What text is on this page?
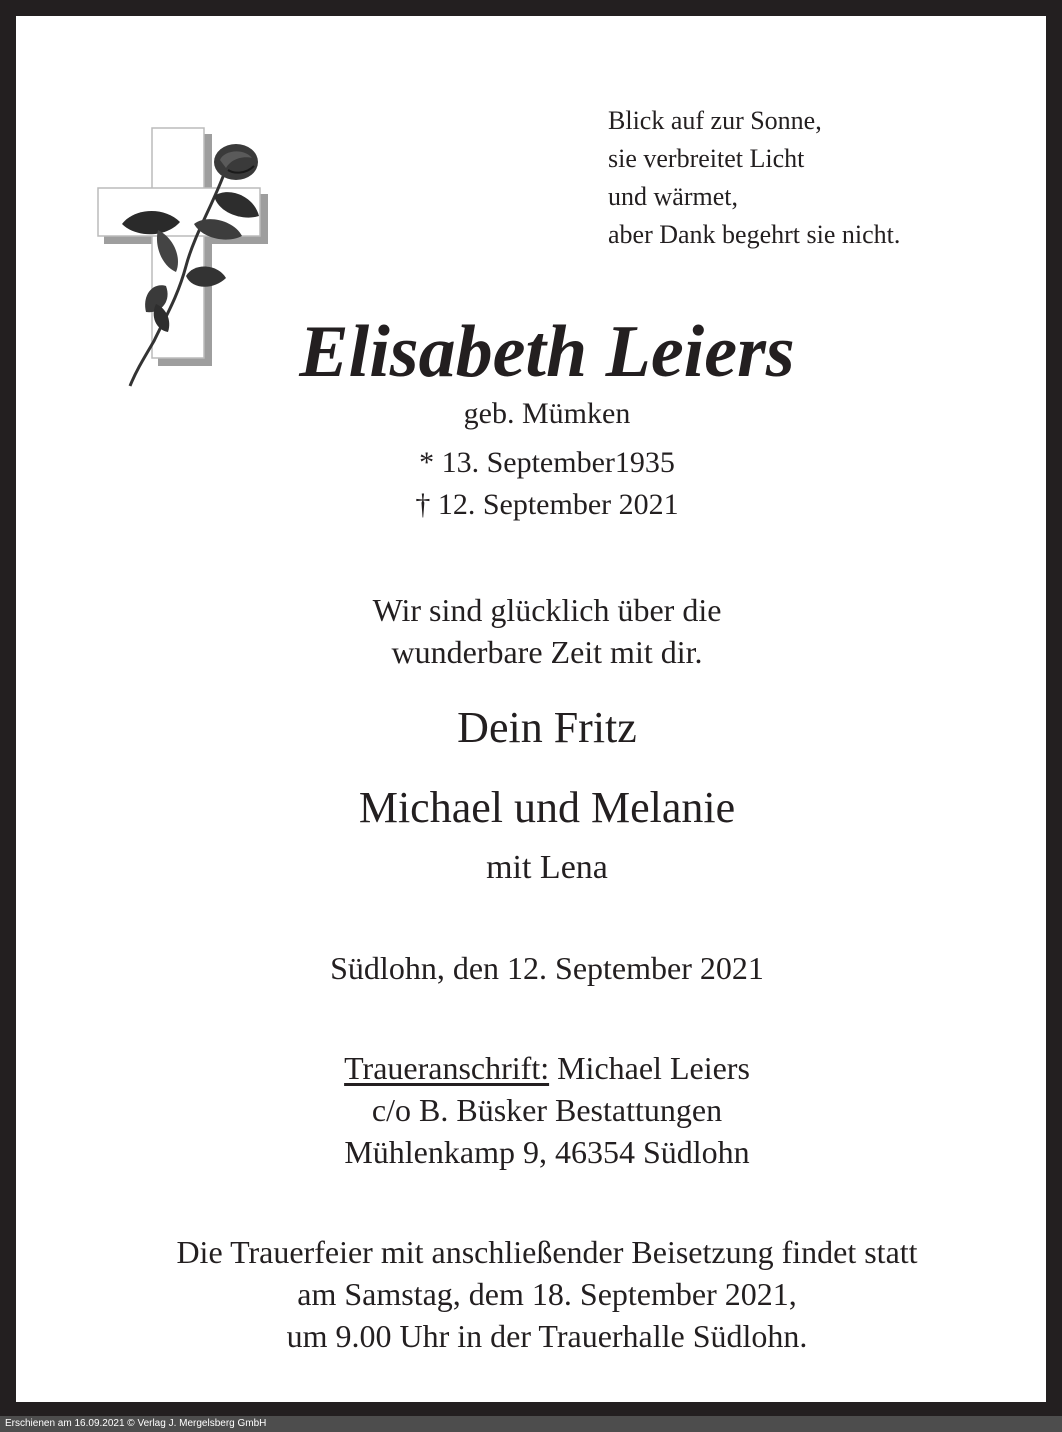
Blick auf zur Sonne,
sie verbreitet Licht
und wärmet,
aber Dank begehrt sie nicht.
Elisabeth Leiers
geb. Mümken
* 13. September1935
† 12. September 2021
Wir sind glücklich über die
wunderbare Zeit mit dir.
Dein Fritz
Michael und Melanie
mit Lena
Südlohn, den 12. September 2021
Traueranschrift: Michael Leiers
c/o B. Büsker Bestattungen
Mühlenkamp 9, 46354 Südlohn
Die Trauerfeier mit anschließender Beisetzung findet statt
am Samstag, dem 18. September 2021,
um 9.00 Uhr in der Trauerhalle Südlohn.
Erschienen am 16.09.2021 © Verlag J. Mergelsberg GmbH
